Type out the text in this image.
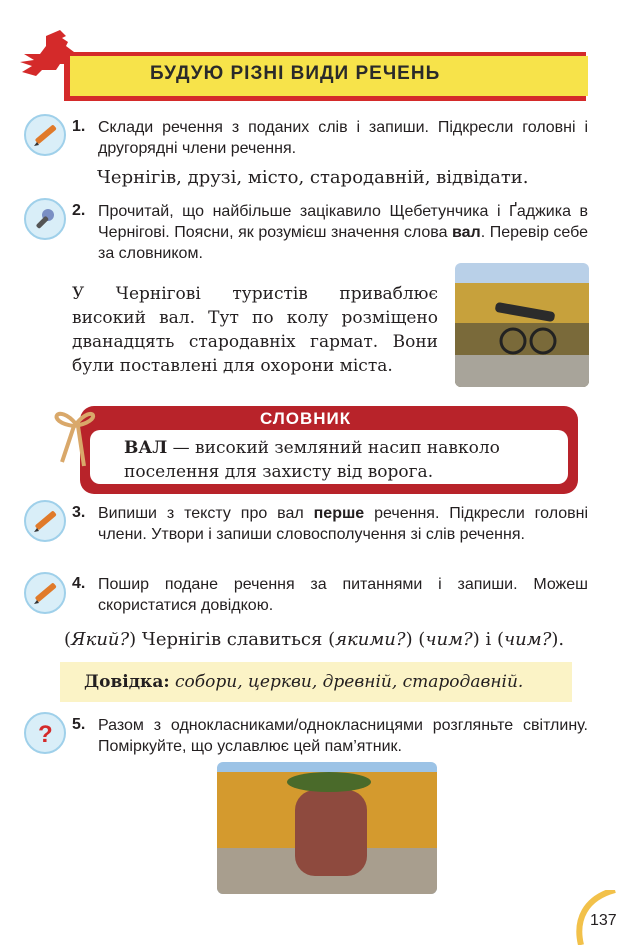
БУДУЮ РІЗНІ ВИДИ РЕЧЕНЬ
1. Склади речення з поданих слів і запиши. Підкресли головні і другорядні члени речення.
Чернігів, друзі, місто, стародавній, відвідати.
2. Прочитай, що найбільше зацікавило Щебетунчика і Ґаджика в Чернігові. Поясни, як розумієш значення слова вал. Перевір себе за словником.
У Чернігові туристів приваблює високий вал. Тут по колу розміщено дванадцять стародавніх гармат. Вони були поставлені для охорони міста.
СЛОВНИК
ВАЛ — високий земляний насип навколо поселення для захисту від ворога.
3. Випиши з тексту про вал перше речення. Підкресли головні члени. Утвори і запиши словосполучення зі слів речення.
4. Пошир подане речення за питаннями і запиши. Можеш скористатися довідкою.
(Який?) Чернігів славиться (якими?) (чим?) і (чим?).
Довідка: собори, церкви, древній, стародавній.
? 5. Разом з однокласниками/однокласницями розгляньте світлину. Поміркуйте, що уславлює цей пам’ятник.
137
